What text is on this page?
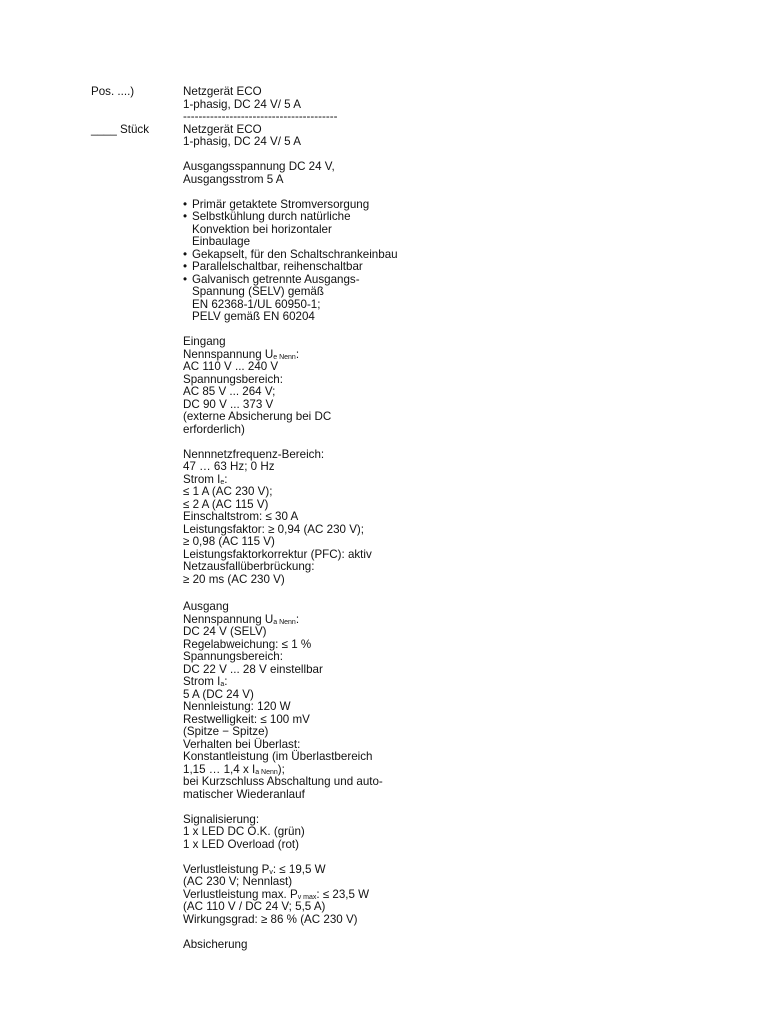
Pos. ....)	Netzgerät ECO
1-phasig, DC 24 V/ 5 A
----------------------------------------
____ Stück	Netzgerät ECO
1-phasig, DC 24 V/ 5 A
Ausgangsspannung DC 24 V,
Ausgangsstrom 5 A
• Primär getaktete Stromversorgung
• Selbstkühlung durch natürliche
Konvektion bei horizontaler
Einbaulage
• Gekapselt, für den Schaltschrankeinbau
• Parallelschaltbar, reihenschaltbar
• Galvanisch getrennte Ausgangs-
Spannung (SELV) gemäß
EN 62368-1/UL 60950-1;
PELV gemäß EN 60204
Eingang
Nennspannung $U_{e Nenn}$:
AC 110 V ... 240 V
Spannungsbereich:
AC 85 V ... 264 V;
DC 90 V ... 373 V
(externe Absicherung bei DC
erforderlich)
Nennnetzfrequenz-Bereich:
47 … 63 Hz; 0 Hz
Strom $I_e$:
≤ 1 A (AC 230 V);
≤ 2 A (AC 115 V)
Einschaltstrom: ≤ 30 A
Leistungsfaktor: ≥ 0,94 (AC 230 V);
≥ 0,98 (AC 115 V)
Leistungsfaktorkorrektur (PFC): aktiv
Netzausfallüberbrückung:
≥ 20 ms (AC 230 V)
Ausgang
Nennspannung $U_{a Nenn}$:
DC 24 V (SELV)
Regelabweichung: ≤ 1 %
Spannungsbereich:
DC 22 V ... 28 V einstellbar
Strom $I_a$:
5 A (DC 24 V)
Nennleistung: 120 W
Restwelligkeit: ≤ 100 mV
(Spitze − Spitze)
Verhalten bei Überlast:
Konstantleistung (im Überlastbereich
1,15 … 1,4 x $I_{a Nenn}$);
bei Kurzschluss Abschaltung und auto-
matischer Wiederanlauf
Signalisierung:
1 x LED DC O.K. (grün)
1 x LED Overload (rot)
Verlustleistung $P_v$: ≤ 19,5 W
(AC 230 V; Nennlast)
Verlustleistung max. $P_{v max}$: ≤ 23,5 W
(AC 110 V / DC 24 V; 5,5 A)
Wirkungsgrad: ≥ 86 % (AC 230 V)
Absicherung
